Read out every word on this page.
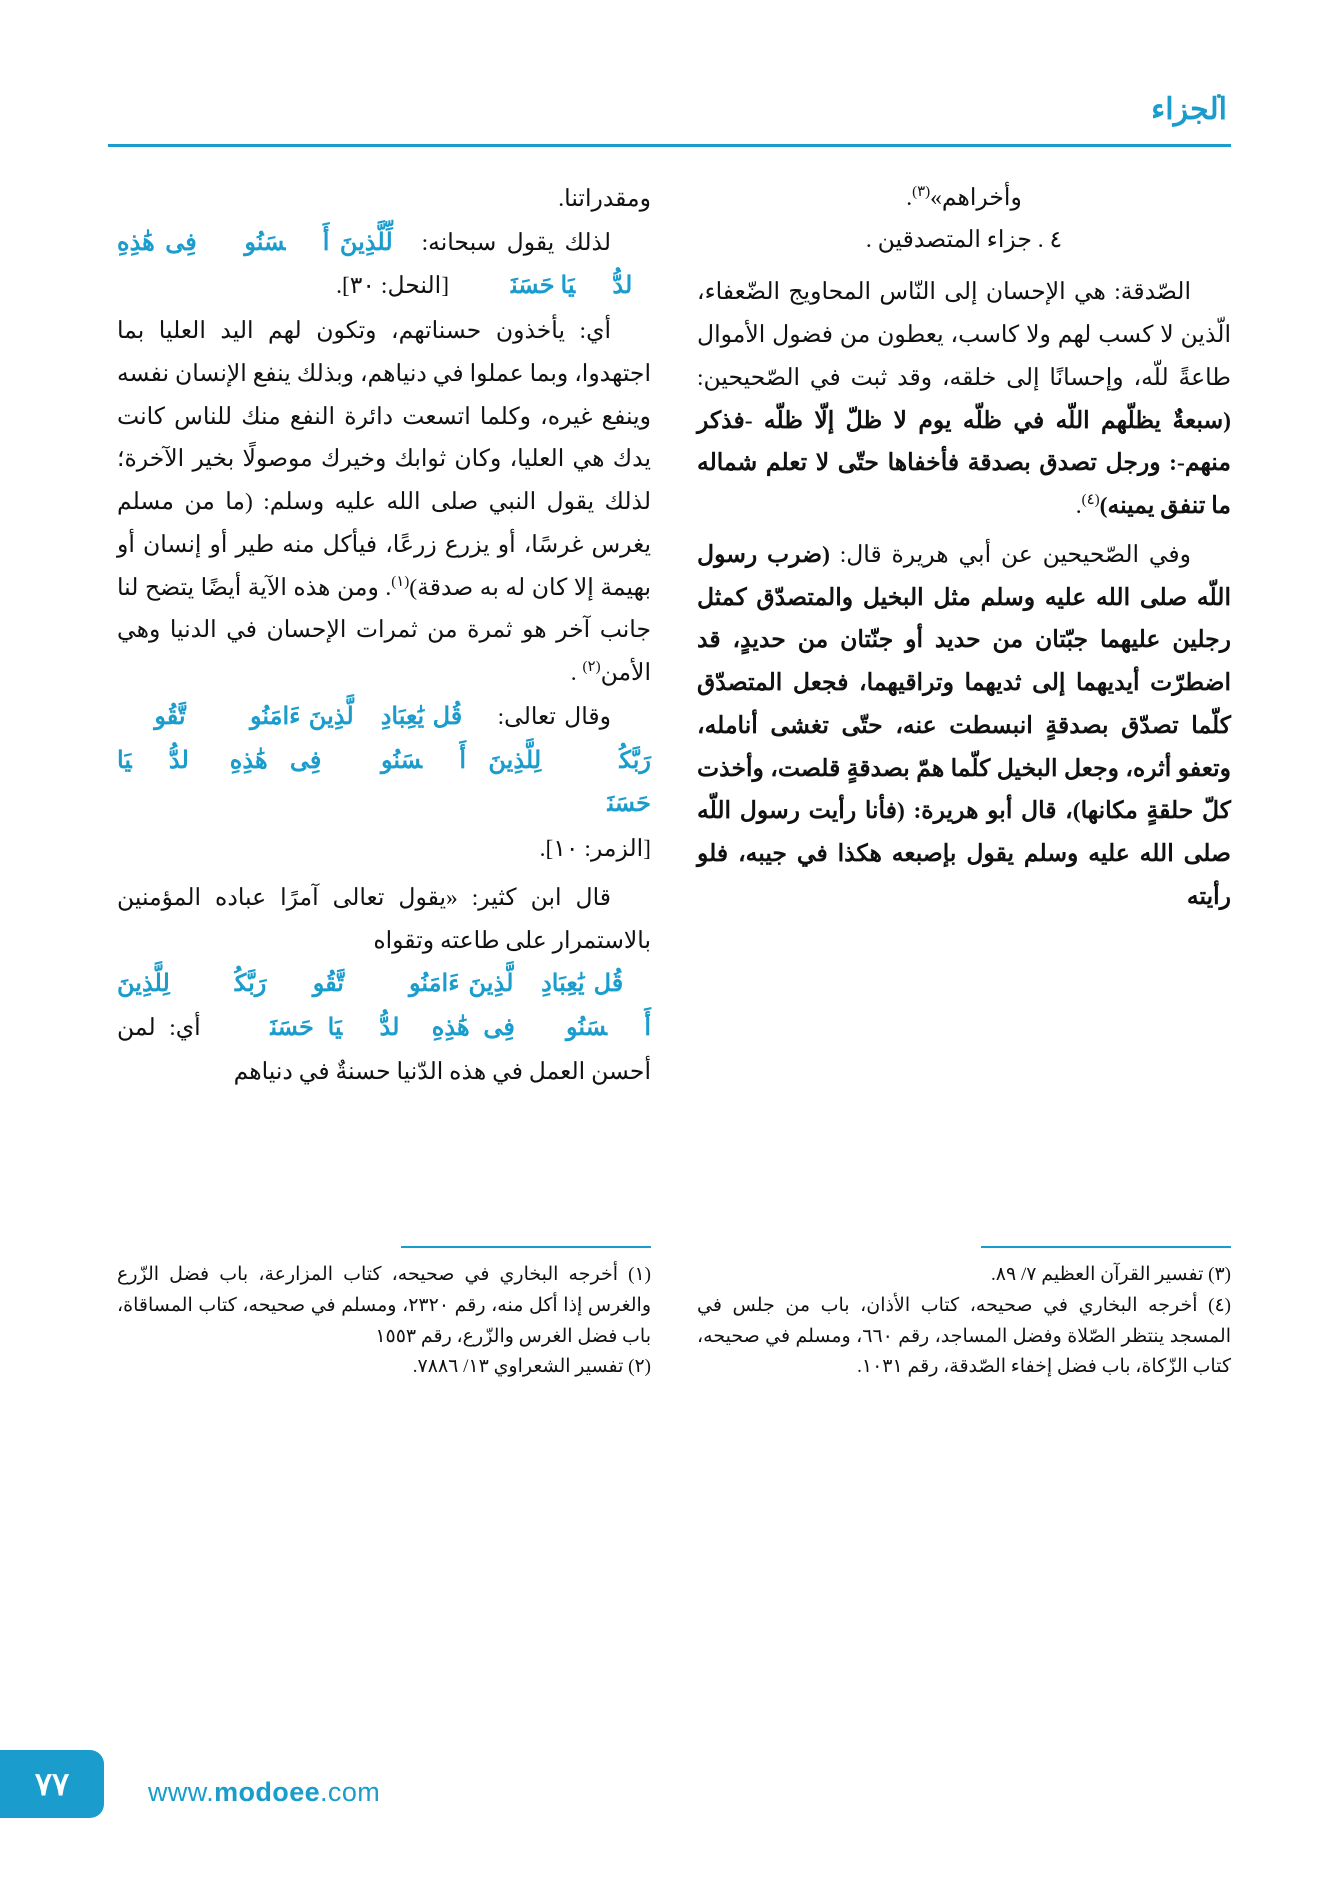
الجزاء

وأخراهم»$^{(٣)}$.

٤ . جزاء المتصدقين .

الصّدقة: هي الإحسان إلى النّاس المحاويج الضّعفاء، الّذين لا كسب لهم ولا كاسب، يعطون من فضول الأموال طاعةً للّه، وإحسانًا إلى خلقه، وقد ثبت في الصّحيحين: (سبعةٌ يظلّهم اللّه في ظلّه يوم لا ظلّ إلّا ظلّه -فذكر منهم-: ورجل تصدق بصدقة فأخفاها حتّى لا تعلم شماله ما تنفق يمينه)$^{(٤)}$.

وفي الصّحيحين عن أبي هريرة قال: (ضرب رسول اللّه صلى الله عليه وسلم مثل البخيل والمتصدّق كمثل رجلين عليهما جبّتان من حديد أو جنّتان من حديدٍ، قد اضطرّت أيديهما إلى ثديهما وتراقيهما، فجعل المتصدّق كلّما تصدّق بصدقةٍ انبسطت عنه، حتّى تغشى أنامله، وتعفو أثره، وجعل البخيل كلّما همّ بصدقةٍ قلصت، وأخذت كلّ حلقةٍ مكانها)، قال أبو هريرة: (فأنا رأيت رسول اللّه صلى الله عليه وسلم يقول بإصبعه هكذا في جيبه، فلو رأيته

ومقدراتنا.

لذلك يقول سبحانه: ﴿لِّلَّذِينَ أَحۡسَنُوا۟ فِى هَٰذِهِ ٱلدُّنۡيَا حَسَنَةࣱ ﴾[النحل: ٣٠].

أي: يأخذون حسناتهم، وتكون لهم اليد العليا بما اجتهدوا، وبما عملوا في دنياهم، وبذلك ينفع الإنسان نفسه وينفع غيره، وكلما اتسعت دائرة النفع منك للناس كانت يدك هي العليا، وكان ثوابك وخيرك موصولًا بخير الآخرة؛ لذلك يقول النبي صلى الله عليه وسلم: (ما من مسلم يغرس غرسًا، أو يزرع زرعًا، فيأكل منه طير أو إنسان أو بهيمة إلا كان له به صدقة)$^{(١)}$. ومن هذه الآية أيضًا يتضح لنا جانب آخر هو ثمرة من ثمرات الإحسان في الدنيا وهي الأمن$^{(٢)}$ .

وقال تعالى: ﴿ قُل يَٰعِبَادِ ٱلَّذِينَ ءَامَنُوا۟ ٱتَّقُوا۟ رَبَّكُمۡۚ لِلَّذِينَ أَحۡسَنُوا۟ فِى هَٰذِهِ ٱلدُّنۡيَا حَسَنَةࣱ﴾

[الزمر: ١٠].

قال ابن كثير: «يقول تعالى آمرًا عباده المؤمنين بالاستمرار على طاعته وتقواه

﴿ قُل يَٰعِبَادِ ٱلَّذِينَ ءَامَنُوا۟ ٱتَّقُوا۟ رَبَّكُمۡۚ لِلَّذِينَ أَحۡسَنُوا۟ فِى هَٰذِهِ ٱلدُّنۡيَا حَسَنَةࣱ﴾ أي: لمن أحسن العمل في هذه الدّنيا حسنةٌ في دنياهم

(٣) تفسير القرآن العظيم ٧/ ٨٩.

(٤) أخرجه البخاري في صحيحه، كتاب الأذان، باب من جلس في المسجد ينتظر الصّلاة وفضل المساجد، رقم ٦٦٠، ومسلم في صحيحه، كتاب الزّكاة، باب فضل إخفاء الصّدقة، رقم ١٠٣١.

(١) أخرجه البخاري في صحيحه، كتاب المزارعة، باب فضل الزّرع والغرس إذا أكل منه، رقم ٢٣٢٠، ومسلم في صحيحه، كتاب المساقاة، باب فضل الغرس والزّرع، رقم ١٥٥٣

(٢) تفسير الشعراوي ١٣/ ٧٨٨٦.

٧٧	www.modoee.com
